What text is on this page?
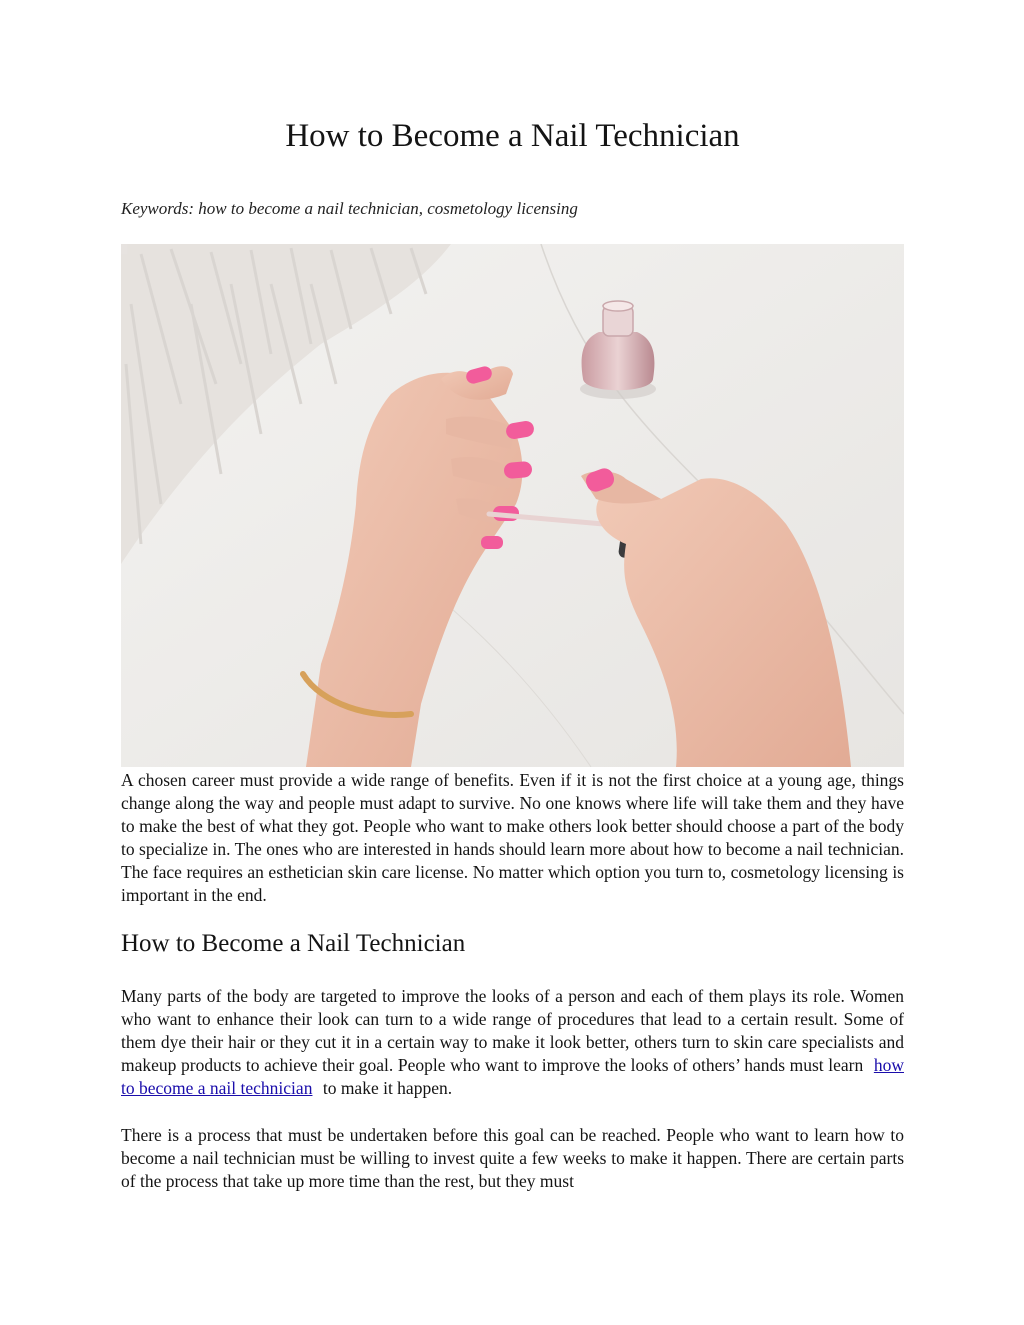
How to Become a Nail Technician

Keywords: how to become a nail technician, cosmetology licensing

A chosen career must provide a wide range of benefits. Even if it is not the first choice at a young age, things change along the way and people must adapt to survive. No one knows where life will take them and they have to make the best of what they got. People who want to make others look better should choose a part of the body to specialize in. The ones who are interested in hands should learn more about how to become a nail technician. The face requires an esthetician skin care license. No matter which option you turn to, cosmetology licensing is important in the end.

How to Become a Nail Technician

Many parts of the body are targeted to improve the looks of a person and each of them plays its role. Women who want to enhance their look can turn to a wide range of procedures that lead to a certain result. Some of them dye their hair or they cut it in a certain way to make it look better, others turn to skin care specialists and makeup products to achieve their goal. People who want to improve the looks of others’ hands must learn how to become a nail technician to make it happen.

There is a process that must be undertaken before this goal can be reached. People who want to learn how to become a nail technician must be willing to invest quite a few weeks to make it happen. There are certain parts of the process that take up more time than the rest, but they must
